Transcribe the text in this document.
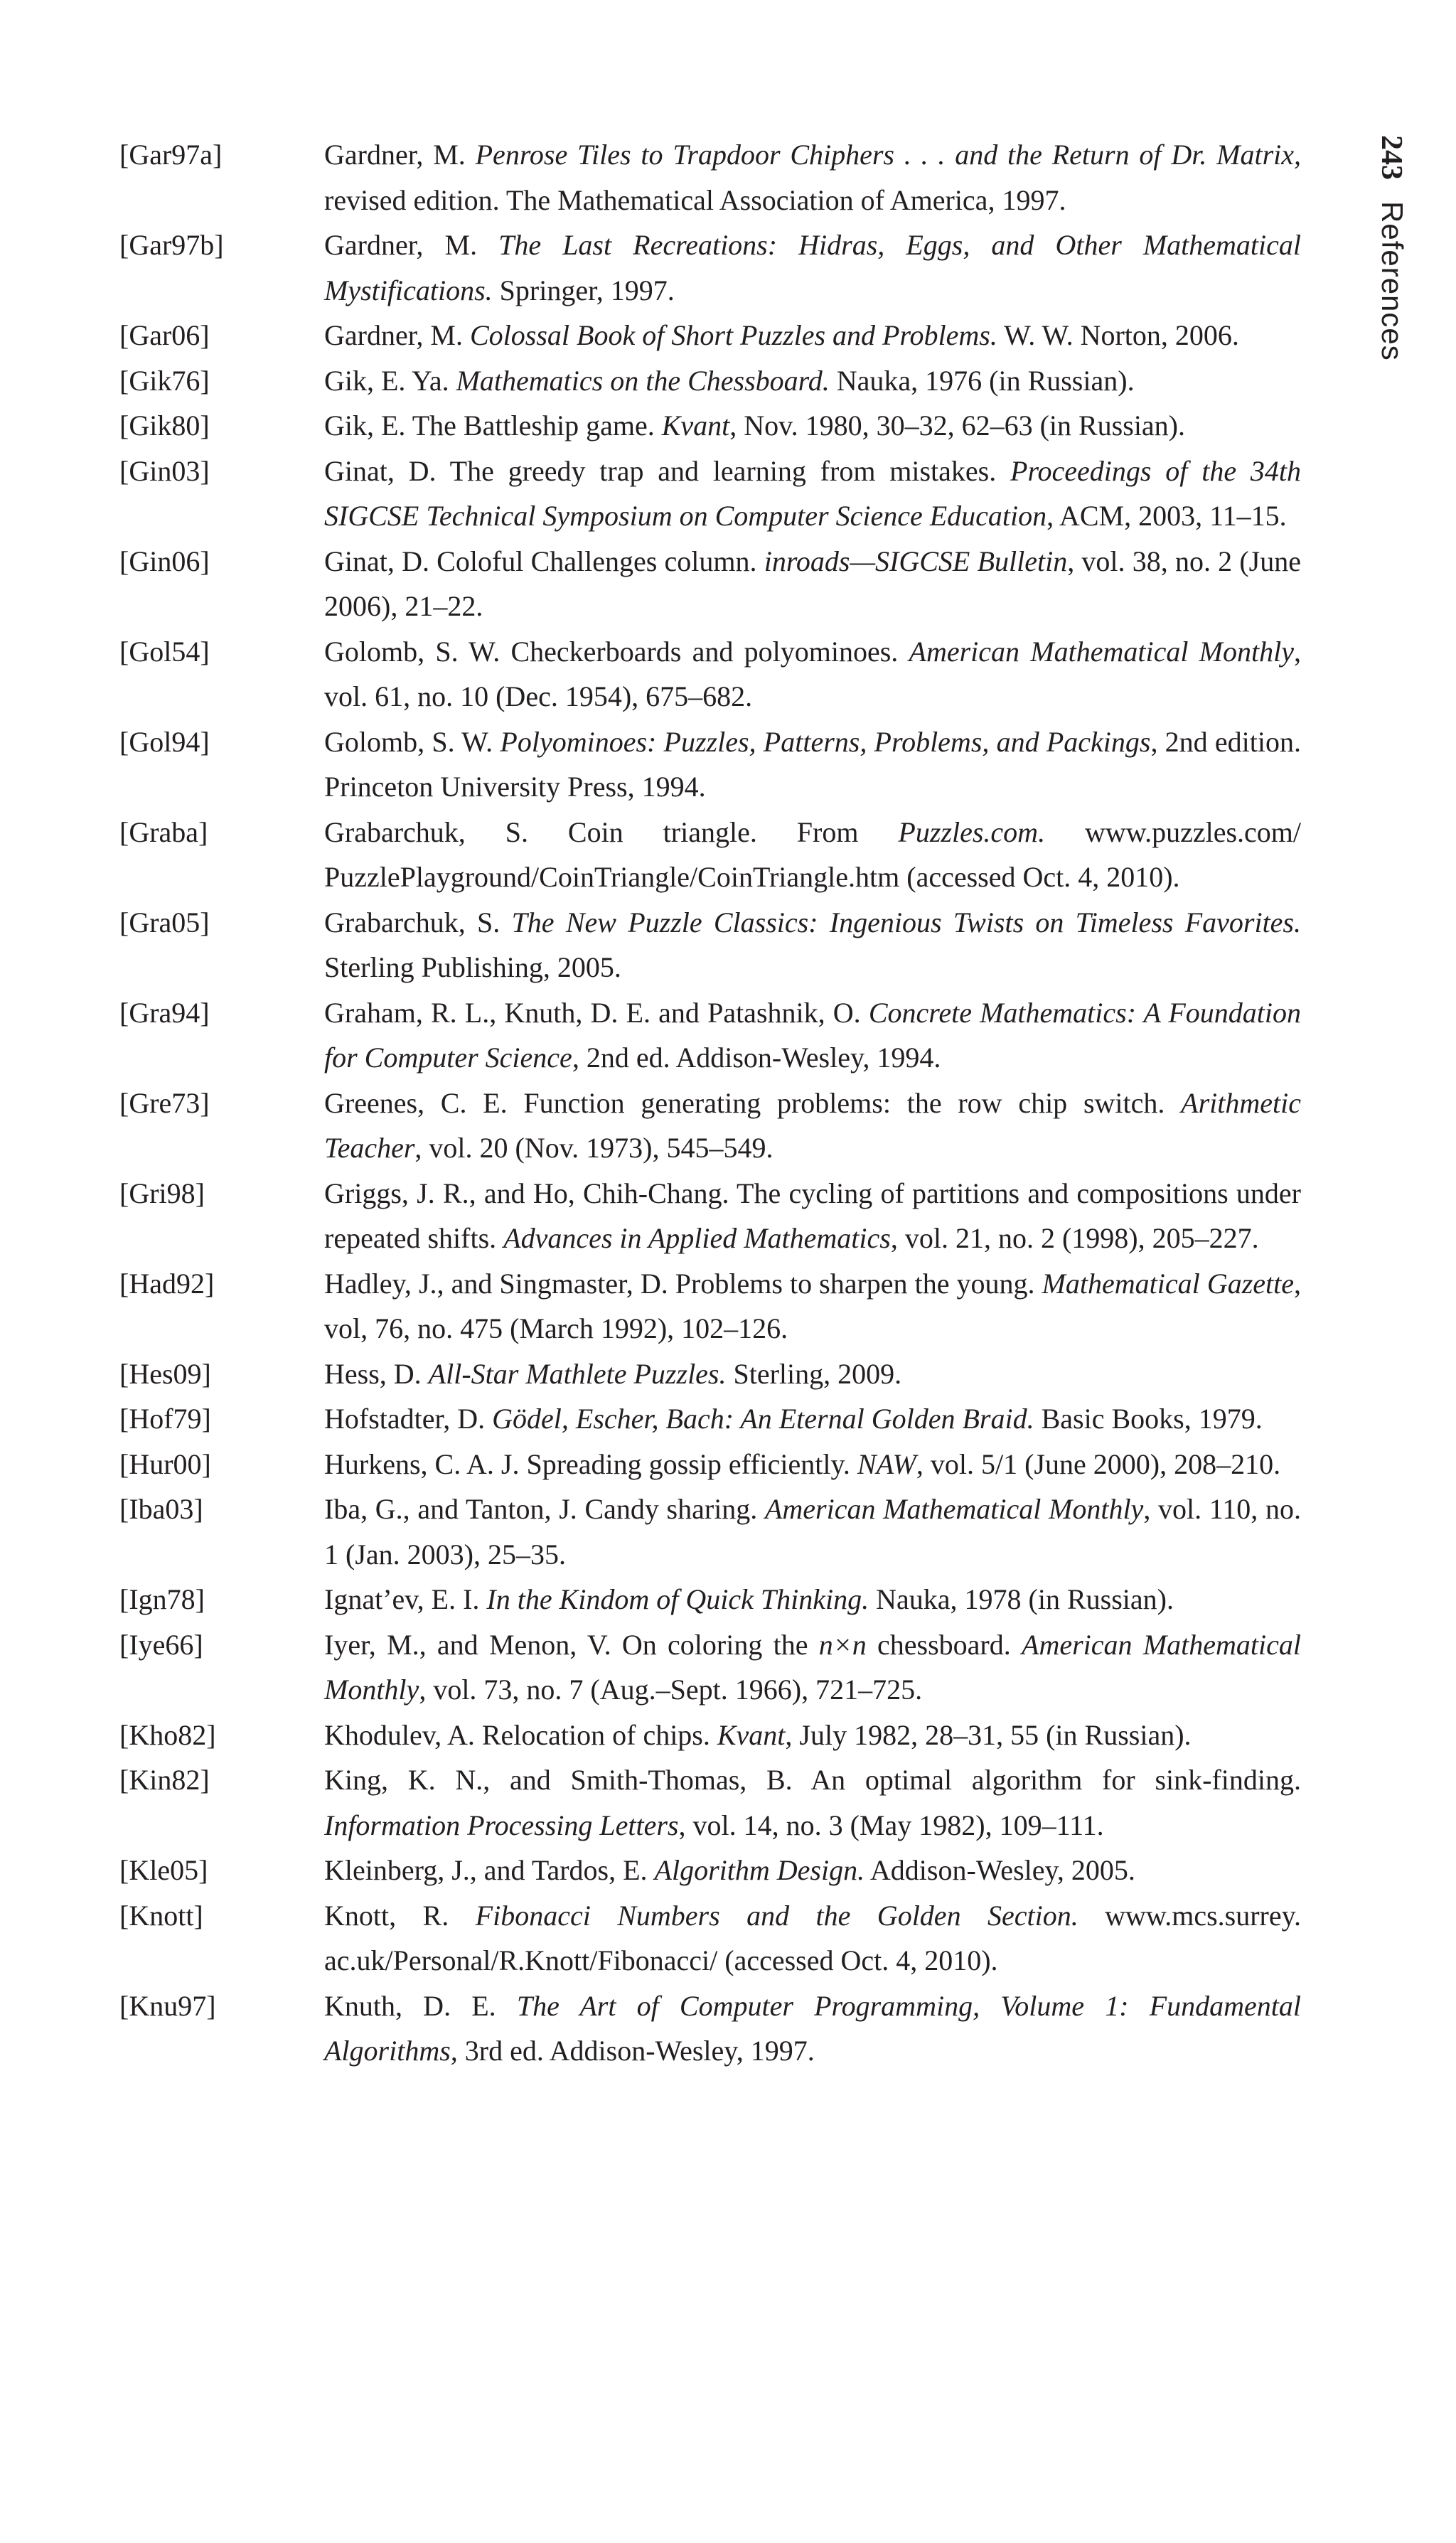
243
References
[Gar97a]	Gardner, M. Penrose Tiles to Trapdoor Chiphers . . . and the Return of Dr. Matrix, revised edition. The Mathematical Association of America, 1997.
[Gar97b]	Gardner, M. The Last Recreations: Hidras, Eggs, and Other Mathematical Mystifications. Springer, 1997.
[Gar06]	Gardner, M. Colossal Book of Short Puzzles and Problems. W. W. Norton, 2006.
[Gik76]	Gik, E. Ya. Mathematics on the Chessboard. Nauka, 1976 (in Russian).
[Gik80]	Gik, E. The Battleship game. Kvant, Nov. 1980, 30–32, 62–63 (in Russian).
[Gin03]	Ginat, D. The greedy trap and learning from mistakes. Proceedings of the 34th SIGCSE Technical Symposium on Computer Science Education, ACM, 2003, 11–15.
[Gin06]	Ginat, D. Coloful Challenges column. inroads—SIGCSE Bulletin, vol. 38, no. 2 (June 2006), 21–22.
[Gol54]	Golomb, S. W. Checkerboards and polyominoes. American Mathematical Monthly, vol. 61, no. 10 (Dec. 1954), 675–682.
[Gol94]	Golomb, S. W. Polyominoes: Puzzles, Patterns, Problems, and Packings, 2nd edition. Princeton University Press, 1994.
[Graba]	Grabarchuk, S. Coin triangle. From Puzzles.com. www.puzzles.com/ PuzzlePlayground/CoinTriangle/CoinTriangle.htm (accessed Oct. 4, 2010).
[Gra05]	Grabarchuk, S. The New Puzzle Classics: Ingenious Twists on Timeless Favorites. Sterling Publishing, 2005.
[Gra94]	Graham, R. L., Knuth, D. E. and Patashnik, O. Concrete Mathematics: A Foundation for Computer Science, 2nd ed. Addison-Wesley, 1994.
[Gre73]	Greenes, C. E. Function generating problems: the row chip switch. Arithmetic Teacher, vol. 20 (Nov. 1973), 545–549.
[Gri98]	Griggs, J. R., and Ho, Chih-Chang. The cycling of partitions and compositions under repeated shifts. Advances in Applied Mathematics, vol. 21, no. 2 (1998), 205–227.
[Had92]	Hadley, J., and Singmaster, D. Problems to sharpen the young. Mathematical Gazette, vol, 76, no. 475 (March 1992), 102–126.
[Hes09]	Hess, D. All-Star Mathlete Puzzles. Sterling, 2009.
[Hof79]	Hofstadter, D. Gödel, Escher, Bach: An Eternal Golden Braid. Basic Books, 1979.
[Hur00]	Hurkens, C. A. J. Spreading gossip efficiently. NAW, vol. 5/1 (June 2000), 208–210.
[Iba03]	Iba, G., and Tanton, J. Candy sharing. American Mathematical Monthly, vol. 110, no. 1 (Jan. 2003), 25–35.
[Ign78]	Ignat’ev, E. I. In the Kindom of Quick Thinking. Nauka, 1978 (in Russian).
[Iye66]	Iyer, M., and Menon, V. On coloring the n×n chessboard. American Mathematical Monthly, vol. 73, no. 7 (Aug.–Sept. 1966), 721–725.
[Kho82]	Khodulev, A. Relocation of chips. Kvant, July 1982, 28–31, 55 (in Russian).
[Kin82]	King, K. N., and Smith-Thomas, B. An optimal algorithm for sink-finding. Information Processing Letters, vol. 14, no. 3 (May 1982), 109–111.
[Kle05]	Kleinberg, J., and Tardos, E. Algorithm Design. Addison-Wesley, 2005.
[Knott]	Knott, R. Fibonacci Numbers and the Golden Section. www.mcs.surrey. ac.uk/Personal/R.Knott/Fibonacci/ (accessed Oct. 4, 2010).
[Knu97]	Knuth, D. E. The Art of Computer Programming, Volume 1: Fundamental Algorithms, 3rd ed. Addison-Wesley, 1997.
